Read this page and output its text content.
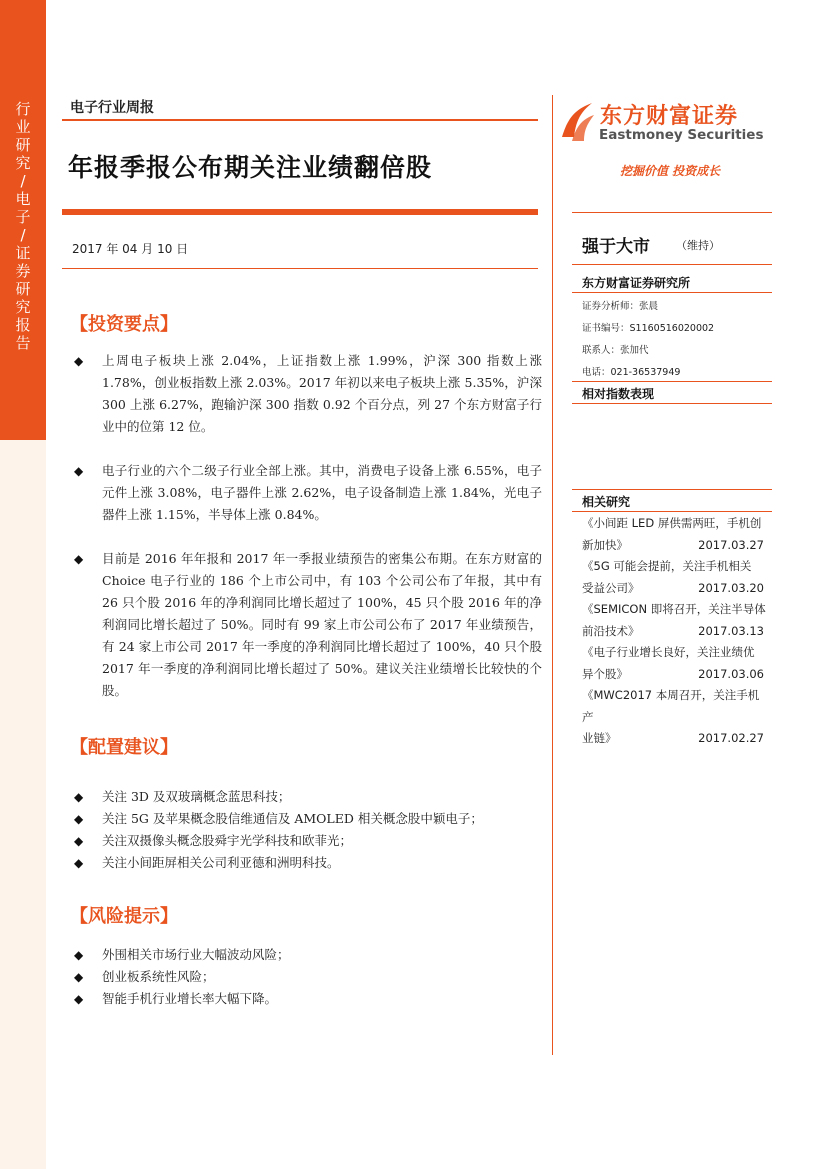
行
业
研
究
/
电
子
/
证
券
研
究
报
告
电子行业周报
年报季报公布期关注业绩翻倍股
2017 年 04 月 10 日
【投资要点】
◆	上周电子板块上涨 2.04%，上证指数上涨 1.99%，沪深 300 指数上涨 1.78%，创业板指数上涨 2.03%。2017 年初以来电子板块上涨 5.35%，沪深 300 上涨 6.27%，跑输沪深 300 指数 0.92 个百分点，列 27 个东方财富子行业中的位第 12 位。
◆	电子行业的六个二级子行业全部上涨。其中，消费电子设备上涨 6.55%，电子元件上涨 3.08%，电子器件上涨 2.62%，电子设备制造上涨 1.84%，光电子器件上涨 1.15%，半导体上涨 0.84%。
◆	目前是 2016 年年报和 2017 年一季报业绩预告的密集公布期。在东方财富的 Choice 电子行业的 186 个上市公司中，有 103 个公司公布了年报，其中有 26 只个股 2016 年的净利润同比增长超过了 100%，45 只个股 2016 年的净利润同比增长超过了 50%。同时有 99 家上市公司公布了 2017 年业绩预告，有 24 家上市公司 2017 年一季度的净利润同比增长超过了 100%，40 只个股 2017 年一季度的净利润同比增长超过了 50%。建议关注业绩增长比较快的个股。
【配置建议】
◆	关注 3D 及双玻璃概念蓝思科技；
◆	关注 5G 及苹果概念股信维通信及 AMOLED 相关概念股中颖电子；
◆	关注双摄像头概念股舜宇光学科技和欧菲光；
◆	关注小间距屏相关公司利亚德和洲明科技。
【风险提示】
◆	外围相关市场行业大幅波动风险；
◆	创业板系统性风险；
◆	智能手机行业增长率大幅下降。
东方财富证券
Eastmoney Securities
挖掘价值 投资成长
强于大市 （维持）
东方财富证券研究所
证券分析师：张晨
证书编号：S1160516020002
联系人：张加代
电话：021-36537949
相对指数表现
相关研究
《小间距 LED 屏供需两旺，手机创
新加快》	2017.03.27
《5G 可能会提前，关注手机相关
受益公司》	2017.03.20
《SEMICON 即将召开，关注半导体
前沿技术》	2017.03.13
《电子行业增长良好，关注业绩优
异个股》	2017.03.06
《MWC2017 本周召开，关注手机产
业链》	2017.02.27
